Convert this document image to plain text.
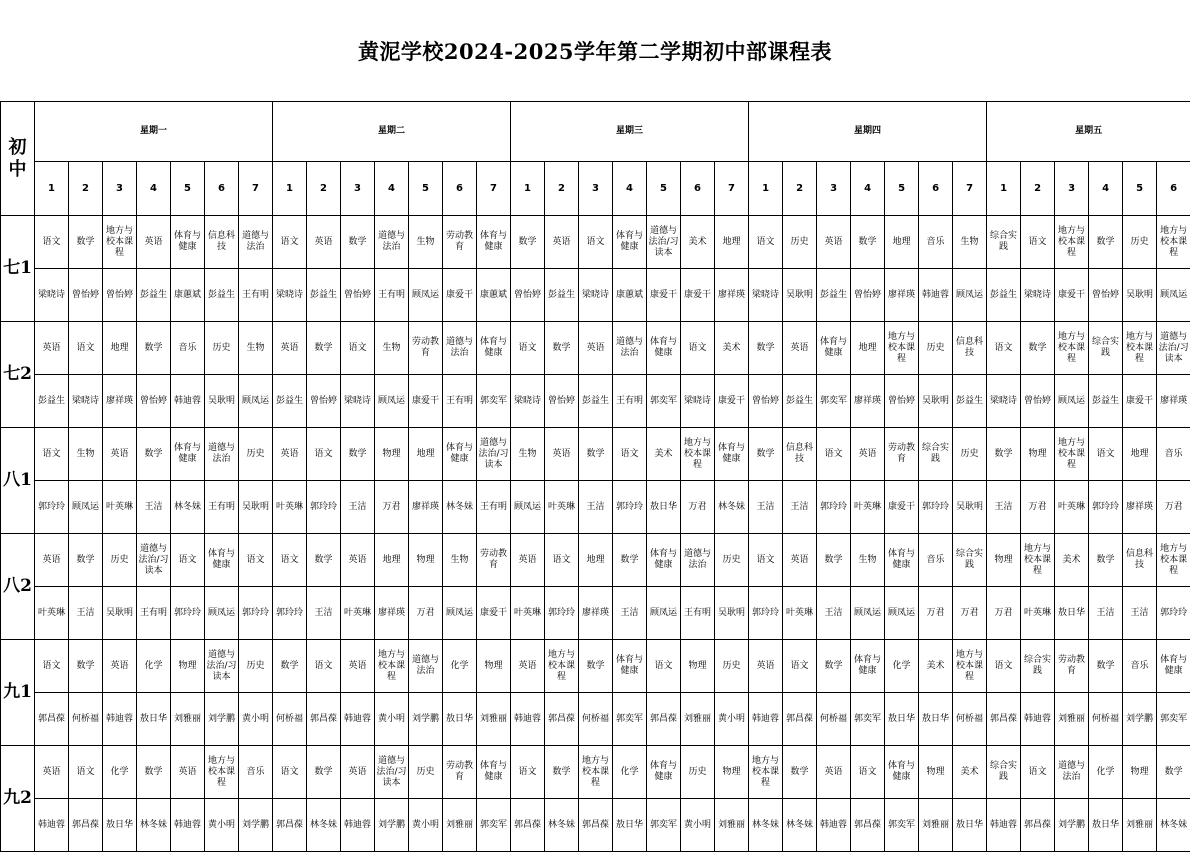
黄泥学校2024-2025学年第二学期初中部课程表
初中	星期一							星期二							星期三							星期四							星期五					
	1	2	3	4	5	6	7	1	2	3	4	5	6	7	1	2	3	4	5	6	7	1	2	3	4	5	6	7	1	2	3	4	5	6
七1	语文	数学	地方与校本课程	英语	体育与健康	信息科技	道德与法治	语文	英语	数学	道德与法治	生物	劳动教育	体育与健康	数学	英语	语文	体育与健康	道德与法治/习读本	美术	地理	语文	历史	英语	数学	地理	音乐	生物	综合实践	语文	地方与校本课程	数学	历史	地方与校本课程
	梁晓诗	曾怡婷	曾怡婷	彭益生	康蕙斌	彭益生	王有明	梁晓诗	彭益生	曾怡婷	王有明	顾凤运	康爱干	康蕙斌	曾怡婷	彭益生	梁晓诗	康蕙斌	康爱干	康爱干	廖祥瑛	梁晓诗	吴耿明	彭益生	曾怡婷	廖祥瑛	韩迪蓉	顾凤运	彭益生	梁晓诗	康爱干	曾怡婷	吴耿明	顾凤运
七2	英语	语文	地理	数学	音乐	历史	生物	英语	数学	语文	生物	劳动教育	道德与法治	体育与健康	语文	数学	英语	道德与法治	体育与健康	语文	美术	数学	英语	体育与健康	地理	地方与校本课程	历史	信息科技	语文	数学	地方与校本课程	综合实践	地方与校本课程	道德与法治/习读本
	彭益生	梁晓诗	廖祥瑛	曾怡婷	韩迪蓉	吴耿明	顾凤运	彭益生	曾怡婷	梁晓诗	顾凤运	康爱干	王有明	郭奕军	梁晓诗	曾怡婷	彭益生	王有明	郭奕军	梁晓诗	康爱干	曾怡婷	彭益生	郭奕军	廖祥瑛	曾怡婷	吴耿明	彭益生	梁晓诗	曾怡婷	顾凤运	彭益生	康爱干	廖祥瑛
八1	语文	生物	英语	数学	体育与健康	道德与法治	历史	英语	语文	数学	物理	地理	体育与健康	道德与法治/习读本	生物	英语	数学	语文	美术	地方与校本课程	体育与健康	数学	信息科技	语文	英语	劳动教育	综合实践	历史	数学	物理	地方与校本课程	语文	地理	音乐
	郭玲玲	顾凤运	叶英琳	王洁	林冬妹	王有明	吴耿明	叶英琳	郭玲玲	王洁	万君	廖祥瑛	林冬妹	王有明	顾凤运	叶英琳	王洁	郭玲玲	敖日华	万君	林冬妹	王洁	王洁	郭玲玲	叶英琳	康爱干	郭玲玲	吴耿明	王洁	万君	叶英琳	郭玲玲	廖祥瑛	万君
八2	英语	数学	历史	道德与法治/习读本	语文	体育与健康	语文	语文	数学	英语	地理	物理	生物	劳动教育	英语	语文	地理	数学	体育与健康	道德与法治	历史	语文	英语	数学	生物	体育与健康	音乐	综合实践	物理	地方与校本课程	美术	数学	信息科技	地方与校本课程
	叶英琳	王洁	吴耿明	王有明	郭玲玲	顾凤运	郭玲玲	郭玲玲	王洁	叶英琳	廖祥瑛	万君	顾凤运	康爱干	叶英琳	郭玲玲	廖祥瑛	王洁	顾凤运	王有明	吴耿明	郭玲玲	叶英琳	王洁	顾凤运	顾凤运	万君	万君	万君	叶英琳	敖日华	王洁	王洁	郭玲玲
九1	语文	数学	英语	化学	物理	道德与法治/习读本	历史	数学	语文	英语	地方与校本课程	道德与法治	化学	物理	英语	地方与校本课程	数学	体育与健康	语文	物理	历史	英语	语文	数学	体育与健康	化学	美术	地方与校本课程	语文	综合实践	劳动教育	数学	音乐	体育与健康
	郭昌葆	何桥福	韩迪蓉	敖日华	刘雅丽	刘学鹏	黄小明	何桥福	郭昌葆	韩迪蓉	黄小明	刘学鹏	敖日华	刘雅丽	韩迪蓉	郭昌葆	何桥福	郭奕军	郭昌葆	刘雅丽	黄小明	韩迪蓉	郭昌葆	何桥福	郭奕军	敖日华	敖日华	何桥福	郭昌葆	韩迪蓉	刘雅丽	何桥福	刘学鹏	郭奕军
九2	英语	语文	化学	数学	英语	地方与校本课程	音乐	语文	数学	英语	道德与法治/习读本	历史	劳动教育	体育与健康	语文	数学	地方与校本课程	化学	体育与健康	历史	物理	地方与校本课程	数学	英语	语文	体育与健康	物理	美术	综合实践	语文	道德与法治	化学	物理	数学
	韩迪蓉	郭昌葆	敖日华	林冬妹	韩迪蓉	黄小明	刘学鹏	郭昌葆	林冬妹	韩迪蓉	刘学鹏	黄小明	刘雅丽	郭奕军	郭昌葆	林冬妹	郭昌葆	敖日华	郭奕军	黄小明	刘雅丽	林冬妹	林冬妹	韩迪蓉	郭昌葆	郭奕军	刘雅丽	敖日华	韩迪蓉	郭昌葆	刘学鹏	敖日华	刘雅丽	林冬妹
